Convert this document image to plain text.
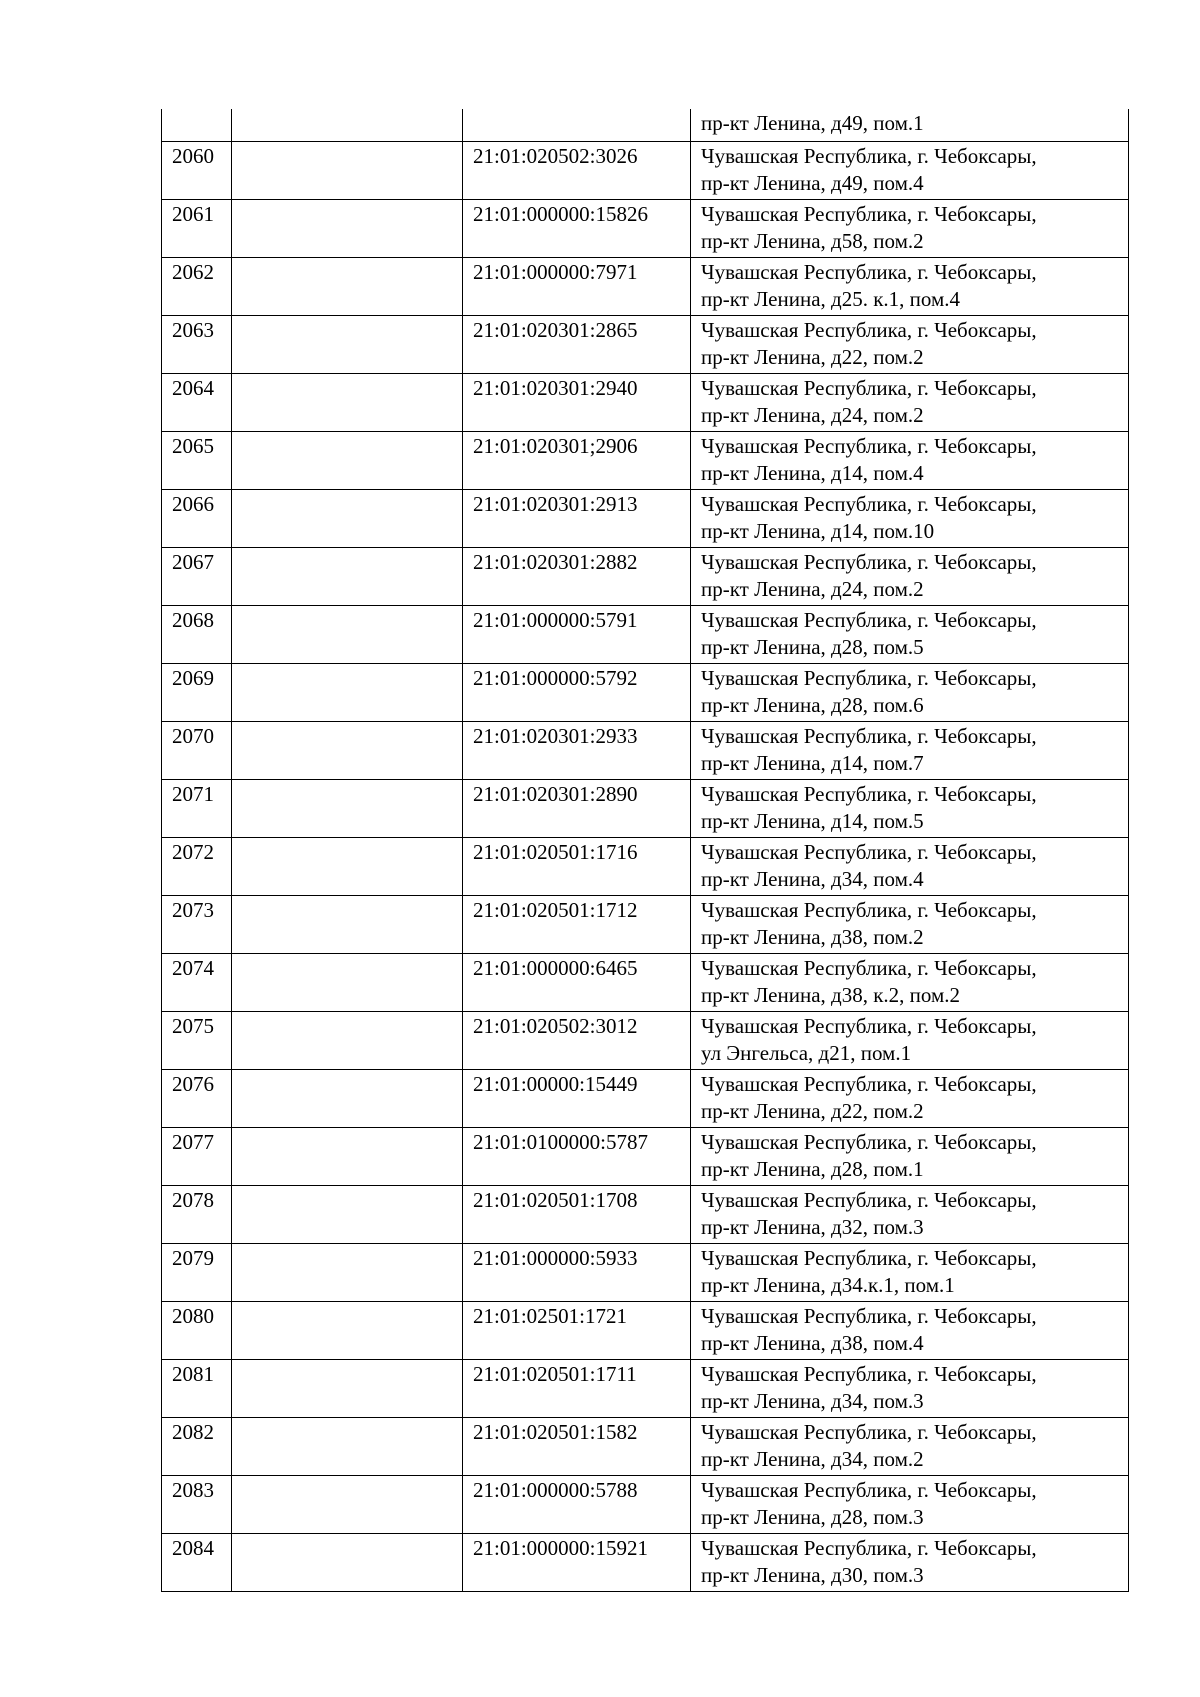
			пр-кт Ленина, д49, пом.1

2060		21:01:020502:3026	Чувашская Республика, г. Чебоксары,
пр-кт Ленина, д49, пом.4

2061		21:01:000000:15826	Чувашская Республика, г. Чебоксары,
пр-кт Ленина, д58, пом.2

2062		21:01:000000:7971	Чувашская Республика, г. Чебоксары,
пр-кт Ленина, д25. к.1, пом.4

2063		21:01:020301:2865	Чувашская Республика, г. Чебоксары,
пр-кт Ленина, д22, пом.2

2064		21:01:020301:2940	Чувашская Республика, г. Чебоксары,
пр-кт Ленина, д24, пом.2

2065		21:01:020301;2906	Чувашская Республика, г. Чебоксары,
пр-кт Ленина, д14, пом.4

2066		21:01:020301:2913	Чувашская Республика, г. Чебоксары,
пр-кт Ленина, д14, пом.10

2067		21:01:020301:2882	Чувашская Республика, г. Чебоксары,
пр-кт Ленина, д24, пом.2

2068		21:01:000000:5791	Чувашская Республика, г. Чебоксары,
пр-кт Ленина, д28, пом.5

2069		21:01:000000:5792	Чувашская Республика, г. Чебоксары,
пр-кт Ленина, д28, пом.6

2070		21:01:020301:2933	Чувашская Республика, г. Чебоксары,
пр-кт Ленина, д14, пом.7

2071		21:01:020301:2890	Чувашская Республика, г. Чебоксары,
пр-кт Ленина, д14, пом.5

2072		21:01:020501:1716	Чувашская Республика, г. Чебоксары,
пр-кт Ленина, д34, пом.4

2073		21:01:020501:1712	Чувашская Республика, г. Чебоксары,
пр-кт Ленина, д38, пом.2

2074		21:01:000000:6465	Чувашская Республика, г. Чебоксары,
пр-кт Ленина, д38, к.2, пом.2

2075		21:01:020502:3012	Чувашская Республика, г. Чебоксары,
ул Энгельса, д21, пом.1

2076		21:01:00000:15449	Чувашская Республика, г. Чебоксары,
пр-кт Ленина, д22, пом.2

2077		21:01:0100000:5787	Чувашская Республика, г. Чебоксары,
пр-кт Ленина, д28, пом.1

2078		21:01:020501:1708	Чувашская Республика, г. Чебоксары,
пр-кт Ленина, д32, пом.3

2079		21:01:000000:5933	Чувашская Республика, г. Чебоксары,
пр-кт Ленина, д34.к.1, пом.1

2080		21:01:02501:1721	Чувашская Республика, г. Чебоксары,
пр-кт Ленина, д38, пом.4

2081		21:01:020501:1711	Чувашская Республика, г. Чебоксары,
пр-кт Ленина, д34, пом.3

2082		21:01:020501:1582	Чувашская Республика, г. Чебоксары,
пр-кт Ленина, д34, пом.2

2083		21:01:000000:5788	Чувашская Республика, г. Чебоксары,
пр-кт Ленина, д28, пом.3

2084		21:01:000000:15921	Чувашская Республика, г. Чебоксары,
пр-кт Ленина, д30, пом.3
